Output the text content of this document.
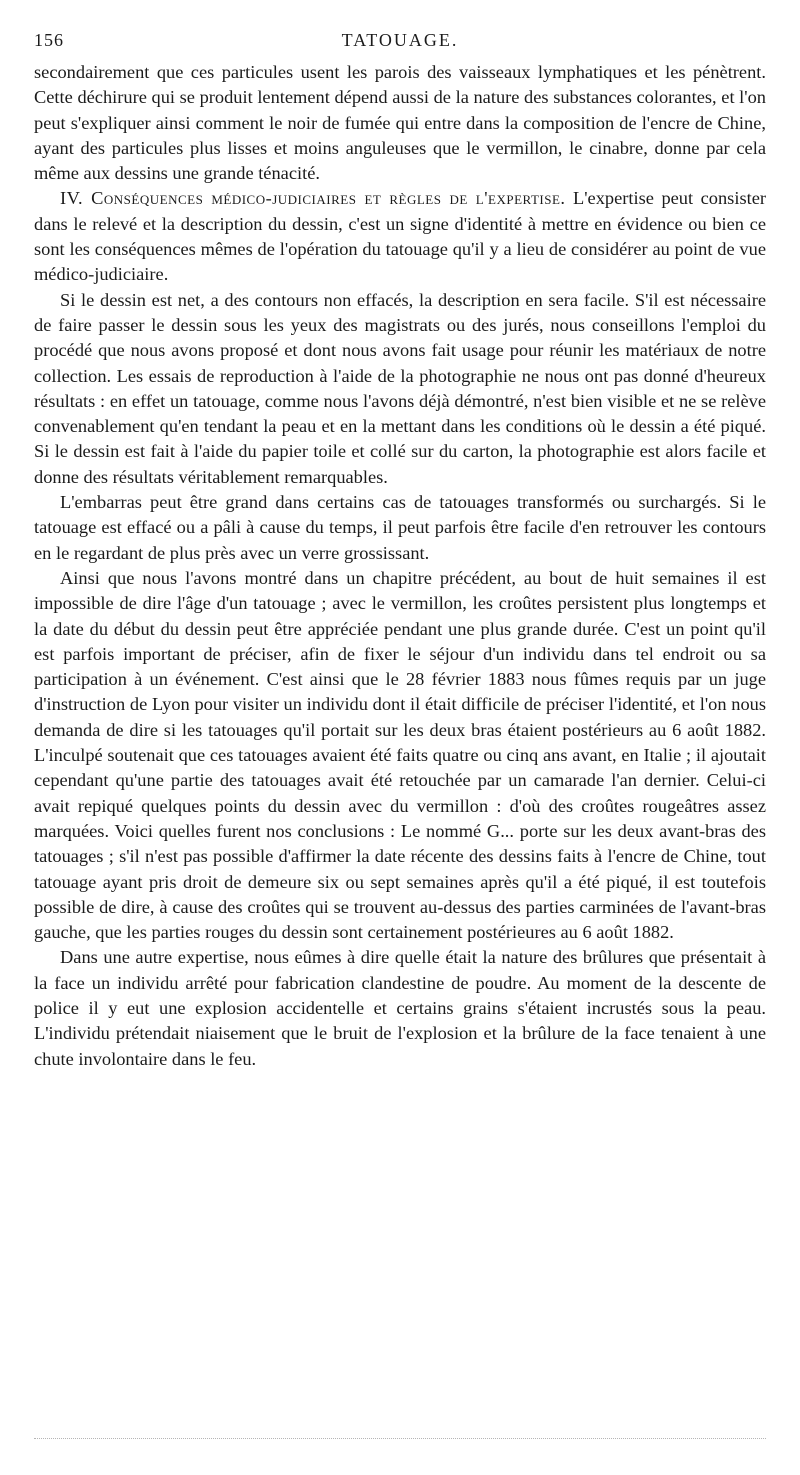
156	TATOUAGE.

secondairement que ces particules usent les parois des vaisseaux lymphatiques et les pénètrent. Cette déchirure qui se produit lentement dépend aussi de la nature des substances colorantes, et l'on peut s'expliquer ainsi comment le noir de fumée qui entre dans la composition de l'encre de Chine, ayant des particules plus lisses et moins anguleuses que le vermillon, le cinabre, donne par cela même aux dessins une grande ténacité.

IV. Conséquences médico-judiciaires et règles de l'expertise. L'expertise peut consister dans le relevé et la description du dessin, c'est un signe d'identité à mettre en évidence ou bien ce sont les conséquences mêmes de l'opération du tatouage qu'il y a lieu de considérer au point de vue médico-judiciaire.

Si le dessin est net, a des contours non effacés, la description en sera facile. S'il est nécessaire de faire passer le dessin sous les yeux des magistrats ou des jurés, nous conseillons l'emploi du procédé que nous avons proposé et dont nous avons fait usage pour réunir les matériaux de notre collection. Les essais de reproduction à l'aide de la photographie ne nous ont pas donné d'heureux résultats : en effet un tatouage, comme nous l'avons déjà démontré, n'est bien visible et ne se relève convenablement qu'en tendant la peau et en la mettant dans les conditions où le dessin a été piqué. Si le dessin est fait à l'aide du papier toile et collé sur du carton, la photographie est alors facile et donne des résultats véritablement remarquables.

L'embarras peut être grand dans certains cas de tatouages transformés ou surchargés. Si le tatouage est effacé ou a pâli à cause du temps, il peut parfois être facile d'en retrouver les contours en le regardant de plus près avec un verre grossissant.

Ainsi que nous l'avons montré dans un chapitre précédent, au bout de huit semaines il est impossible de dire l'âge d'un tatouage ; avec le vermillon, les croûtes persistent plus longtemps et la date du début du dessin peut être appréciée pendant une plus grande durée. C'est un point qu'il est parfois important de préciser, afin de fixer le séjour d'un individu dans tel endroit ou sa participation à un événement. C'est ainsi que le 28 février 1883 nous fûmes requis par un juge d'instruction de Lyon pour visiter un individu dont il était difficile de préciser l'identité, et l'on nous demanda de dire si les tatouages qu'il portait sur les deux bras étaient postérieurs au 6 août 1882. L'inculpé soutenait que ces tatouages avaient été faits quatre ou cinq ans avant, en Italie ; il ajoutait cependant qu'une partie des tatouages avait été retouchée par un camarade l'an dernier. Celui-ci avait repiqué quelques points du dessin avec du vermillon : d'où des croûtes rougeâtres assez marquées. Voici quelles furent nos conclusions : Le nommé G... porte sur les deux avant-bras des tatouages ; s'il n'est pas possible d'affirmer la date récente des dessins faits à l'encre de Chine, tout tatouage ayant pris droit de demeure six ou sept semaines après qu'il a été piqué, il est toutefois possible de dire, à cause des croûtes qui se trouvent au-dessus des parties carminées de l'avant-bras gauche, que les parties rouges du dessin sont certainement postérieures au 6 août 1882.

Dans une autre expertise, nous eûmes à dire quelle était la nature des brûlures que présentait à la face un individu arrêté pour fabrication clandestine de poudre. Au moment de la descente de police il y eut une explosion accidentelle et certains grains s'étaient incrustés sous la peau. L'individu prétendait niaisement que le bruit de l'explosion et la brûlure de la face tenaient à une chute involontaire dans le feu.
